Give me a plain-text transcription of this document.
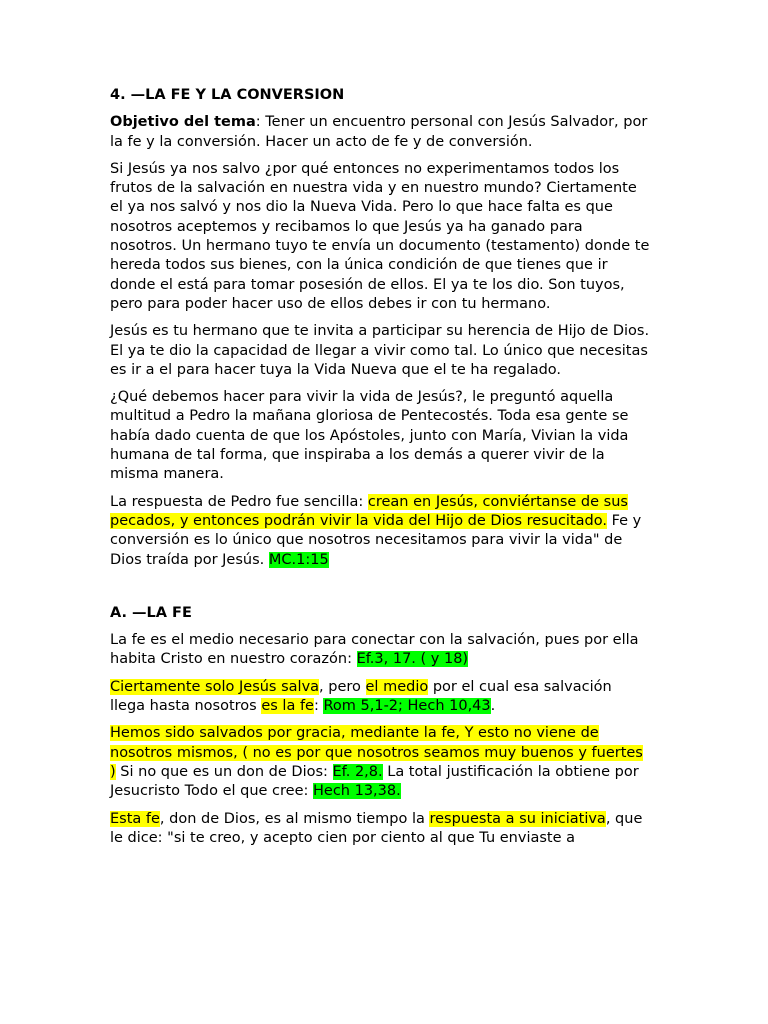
4. —LA FE Y LA CONVERSION

Objetivo del tema: Tener un encuentro personal con Jesús Salvador, por la fe y la conversión. Hacer un acto de fe y de conversión.

Si Jesús ya nos salvo ¿por qué entonces no experimentamos todos los frutos de la salvación en nuestra vida y en nuestro mundo? Ciertamente el ya nos salvó y nos dio la Nueva Vida. Pero lo que hace falta es que nosotros aceptemos y recibamos lo que Jesús ya ha ganado para nosotros. Un hermano tuyo te envía un documento (testamento) donde te hereda todos sus bienes, con la única condición de que tienes que ir donde el está para tomar posesión de ellos. El ya te los dio. Son tuyos, pero para poder hacer uso de ellos debes ir con tu hermano.

Jesús es tu hermano que te invita a participar su herencia de Hijo de Dios. El ya te dio la capacidad de llegar a vivir como tal. Lo único que necesitas es ir a el para hacer tuya la Vida Nueva que el te ha regalado.

¿Qué debemos hacer para vivir la vida de Jesús?, le preguntó aquella multitud a Pedro la mañana gloriosa de Pentecostés. Toda esa gente se había dado cuenta de que los Apóstoles, junto con María, Vivian la vida humana de tal forma, que inspiraba a los demás a querer vivir de la misma manera.

La respuesta de Pedro fue sencilla: crean en Jesús, conviértanse de sus pecados, y entonces podrán vivir la vida del Hijo de Dios resucitado. Fe y conversión es lo único que nosotros necesitamos para vivir la vida" de Dios traída por Jesús. MC.1:15

A. —LA FE

La fe es el medio necesario para conectar con la salvación, pues por ella habita Cristo en nuestro corazón: Ef.3, 17. ( y 18)

Ciertamente solo Jesús salva, pero el medio por el cual esa salvación llega hasta nosotros es la fe: Rom 5,1-2; Hech 10,43.

Hemos sido salvados por gracia, mediante la fe, Y esto no viene de nosotros mismos, ( no es por que nosotros seamos muy buenos y fuertes ) Si no que es un don de Dios: Ef. 2,8. La total justificación la obtiene por Jesucristo Todo el que cree: Hech 13,38.

Esta fe, don de Dios, es al mismo tiempo la respuesta a su iniciativa, que le dice: "si te creo, y acepto cien por ciento al que Tu enviaste a
